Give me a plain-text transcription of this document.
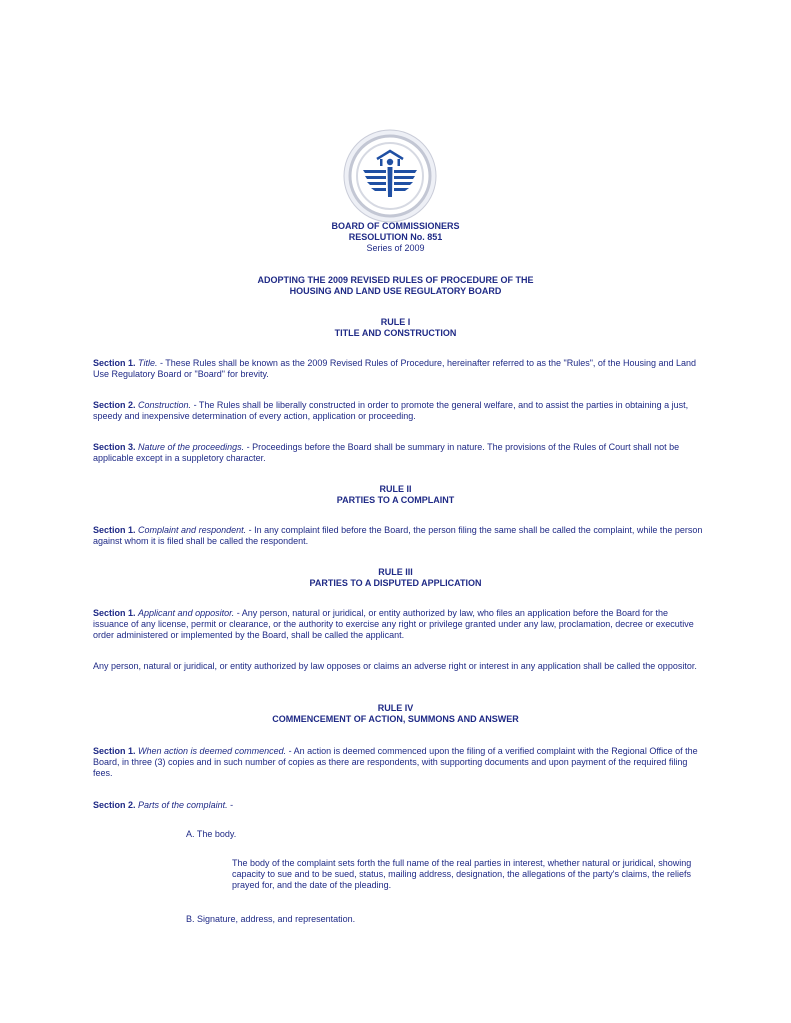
BOARD OF COMMISSIONERS
RESOLUTION No. 851
Series of 2009
ADOPTING THE 2009 REVISED RULES OF PROCEDURE OF THE
HOUSING AND LAND USE REGULATORY BOARD
RULE I
TITLE AND CONSTRUCTION

Section 1. Title. - These Rules shall be known as the 2009 Revised Rules of Procedure, hereinafter referred to as the "Rules", of the Housing and Land Use Regulatory Board or "Board" for brevity.

Section 2. Construction. - The Rules shall be liberally constructed in order to promote the general welfare, and to assist the parties in obtaining a just, speedy and inexpensive determination of every action, application or proceeding.

Section 3. Nature of the proceedings. - Proceedings before the Board shall be summary in nature. The provisions of the Rules of Court shall not be applicable except in a suppletory character.

RULE II
PARTIES TO A COMPLAINT

Section 1. Complaint and respondent. - In any complaint filed before the Board, the person filing the same shall be called the complaint, while the person against whom it is filed shall be called the respondent.

RULE III
PARTIES TO A DISPUTED APPLICATION

Section 1. Applicant and oppositor. - Any person, natural or juridical, or entity authorized by law, who files an application before the Board for the issuance of any license, permit or clearance, or the authority to exercise any right or privilege granted under any law, proclamation, decree or executive order administered or implemented by the Board, shall be called the applicant.

Any person, natural or juridical, or entity authorized by law opposes or claims an adverse right or interest in any application shall be called the oppositor.

RULE IV
COMMENCEMENT OF ACTION, SUMMONS AND ANSWER

Section 1. When action is deemed commenced. - An action is deemed commenced upon the filing of a verified complaint with the Regional Office of the Board, in three (3) copies and in such number of copies as there are respondents, with supporting documents and upon payment of the required filing fees.

Section 2. Parts of the complaint. -

A. The body.

The body of the complaint sets forth the full name of the real parties in interest, whether natural or juridical, showing capacity to sue and to be sued, status, mailing address, designation, the allegations of the party's claims, the reliefs prayed for, and the date of the pleading.

B. Signature, address, and representation.
